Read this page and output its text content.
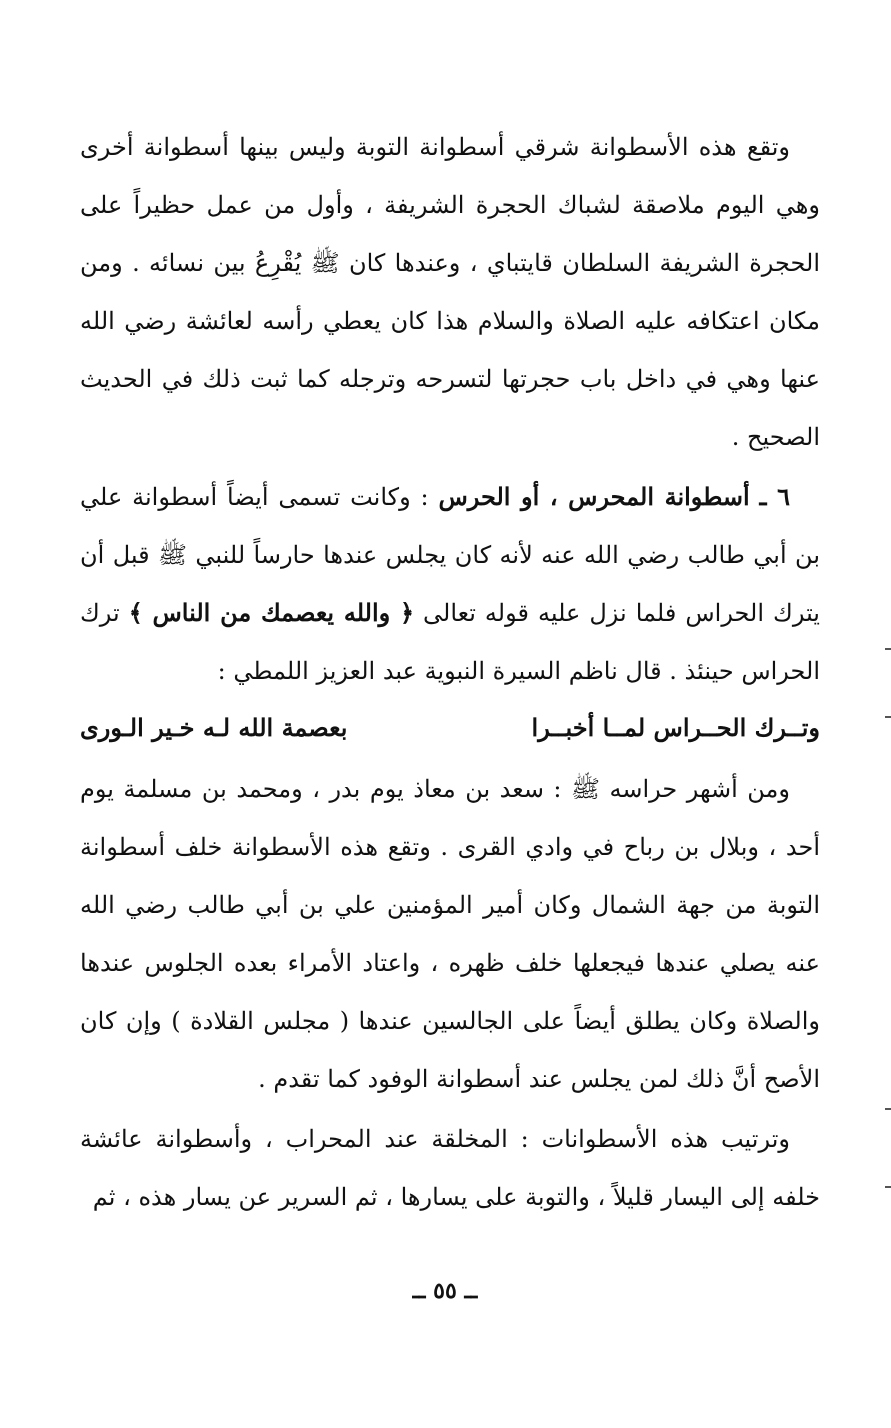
وتقع هذه الأسطوانة شرقي أسطوانة التوبة وليس بينها أسطوانة أخرى وهي اليوم ملاصقة لشباك الحجرة الشريفة ، وأول من عمل حظيراً على الحجرة الشريفة السلطان قايتباي ، وعندها كان ﷺ يُقْرِعُ بين نسائه . ومن مكان اعتكافه عليه الصلاة والسلام هذا كان يعطي رأسه لعائشة رضي الله عنها وهي في داخل باب حجرتها لتسرحه وترجله كما ثبت ذلك في الحديث الصحيح .
٦ ـ أسطوانة المحرس ، أو الحرس : وكانت تسمى أيضاً أسطوانة علي بن أبي طالب رضي الله عنه لأنه كان يجلس عندها حارساً للنبي ﷺ قبل أن يترك الحراس فلما نزل عليه قوله تعالى ﴿ والله يعصمك من الناس ﴾ ترك الحراس حينئذ . قال ناظم السيرة النبوية عبد العزيز اللمطي :
وتــرك الحــراس لمــا أخبــرا
بعصمة الله لـه خـير الـورى
ومن أشهر حراسه ﷺ : سعد بن معاذ يوم بدر ، ومحمد بن مسلمة يوم أحد ، وبلال بن رباح في وادي القرى . وتقع هذه الأسطوانة خلف أسطوانة التوبة من جهة الشمال وكان أمير المؤمنين علي بن أبي طالب رضي الله عنه يصلي عندها فيجعلها خلف ظهره ، واعتاد الأمراء بعده الجلوس عندها والصلاة وكان يطلق أيضاً على الجالسين عندها ( مجلس القلادة ) وإن كان الأصح أنَّ ذلك لمن يجلس عند أسطوانة الوفود كما تقدم .
وترتيب هذه الأسطوانات : المخلقة عند المحراب ، وأسطوانة عائشة خلفه إلى اليسار قليلاً ، والتوبة على يسارها ، ثم السرير عن يسار هذه ، ثم
ــ ٥٥ ــ
